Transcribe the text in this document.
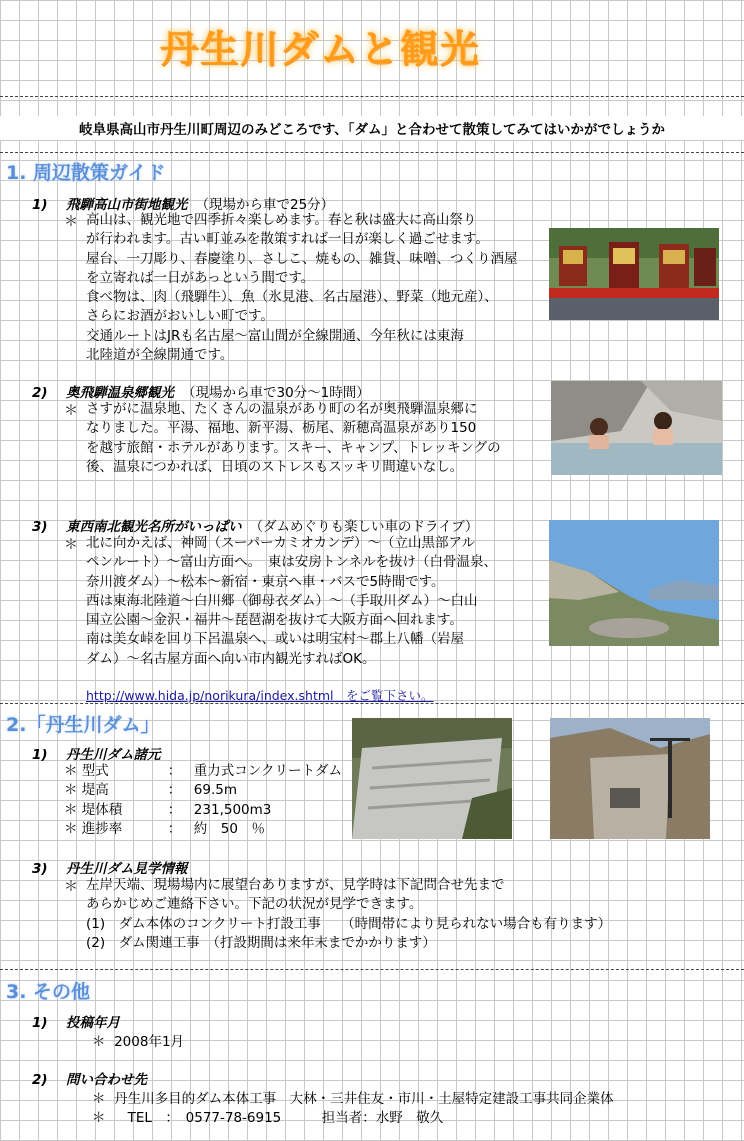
丹生川ダムと観光
岐阜県高山市丹生川町周辺のみどころです、「ダム」と合わせて散策してみてはいかがでしょうか
1. 周辺散策ガイド
1) 飛騨高山市街地観光 （現場から車で25分）
＊ 高山は、観光地で四季折々楽しめます。春と秋は盛大に高山祭り
が行われます。古い町並みを散策すれば一日が楽しく過ごせます。
屋台、一刀彫り、春慶塗り、さしこ、焼もの、雑貨、味噌、つくり酒屋
を立寄れば一日があっという間です。
食べ物は、肉（飛騨牛）、魚（氷見港、名古屋港）、野菜（地元産）、
さらにお酒がおいしい町です。
交通ルートはJRも名古屋～富山間が全線開通、今年秋には東海
北陸道が全線開通です。
2) 奥飛騨温泉郷観光 （現場から車で30分～1時間）
＊ さすがに温泉地、たくさんの温泉があり町の名が奥飛騨温泉郷に
なりました。平湯、福地、新平湯、栃尾、新穂高温泉があり150
を越す旅館・ホテルがあります。スキー、キャンプ、トレッキングの
後、温泉につかれば、日頃のストレスもスッキリ間違いなし。
3) 東西南北観光名所がいっぱい （ダムめぐりも楽しい車のドライブ）
＊ 北に向かえば、神岡（スーパーカミオカンデ）～（立山黒部アル
ペンルート）～富山方面へ。　東は安房トンネルを抜け（白骨温泉、
奈川渡ダム）～松本～新宿・東京へ車・バスで5時間です。
西は東海北陸道～白川郷（御母衣ダム）～（手取川ダム）～白山
国立公園～金沢・福井～琵琶湖を抜けて大阪方面へ回れます。
南は美女峠を回り下呂温泉へ、或いは明宝村～郡上八幡（岩屋
ダム）～名古屋方面へ向い市内観光すればOK。
http://www.hida.jp/norikura/index.shtml　をご覧下さい。
2.「丹生川ダム」
1) 丹生川ダム諸元
＊ 型式	： 重力式コンクリートダム
＊ 堤高	： 69.5m
＊ 堤体積	： 231,500m3
＊ 進捗率	： 約　50　％
3) 丹生川ダム見学情報
＊ 左岸天端、現場場内に展望台ありますが、見学時は下記問合せ先まで
あらかじめご連絡下さい。下記の状況が見学できます。
(1)　ダム本体のコンクリート打設工事　　（時間帯により見られない場合も有ります）
(2)　ダム関連工事　（打設期間は来年末までかかります）
3. その他
1) 投稿年月
＊ 2008年1月
2) 問い合わせ先
＊ 丹生川多目的ダム本体工事　大林・三井住友・市川・土屋特定建設工事共同企業体
＊  　TEL　：　0577-78-6915　　　担当者：水野　敬久
